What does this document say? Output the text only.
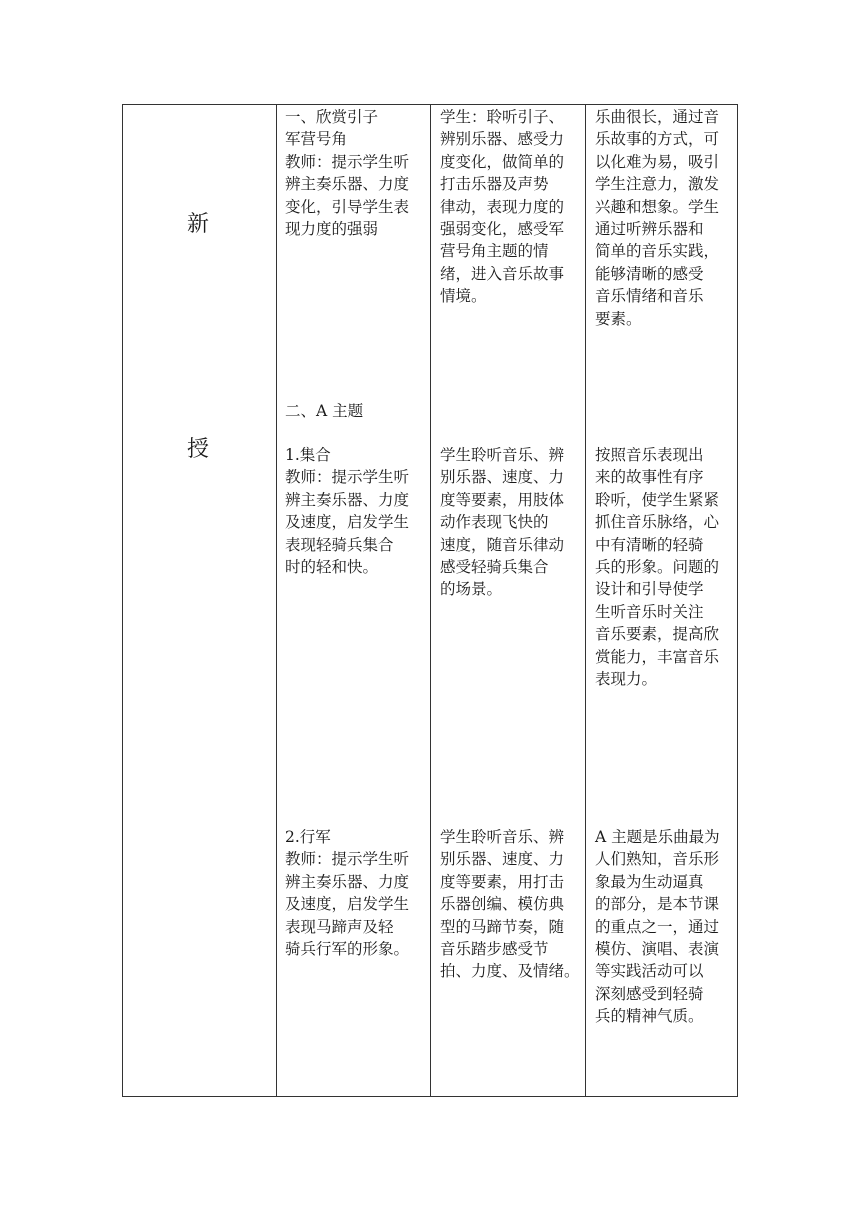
新
授
一、欣赏引子
军营号角
教师：提示学生听
辨主奏乐器、力度
变化，引导学生表
现力度的强弱
学生：聆听引子、
辨别乐器、感受力
度变化，做简单的
打击乐器及声势
律动，表现力度的
强弱变化，感受军
营号角主题的情
绪，进入音乐故事
情境。
乐曲很长，通过音
乐故事的方式，可
以化难为易，吸引
学生注意力，激发
兴趣和想象。学生
通过听辨乐器和
简单的音乐实践，
能够清晰的感受
音乐情绪和音乐
要素。
二、A 主题
1.集合
教师：提示学生听
辨主奏乐器、力度
及速度，启发学生
表现轻骑兵集合
时的轻和快。
学生聆听音乐、辨
别乐器、速度、力
度等要素，用肢体
动作表现飞快的
速度，随音乐律动
感受轻骑兵集合
的场景。
按照音乐表现出
来的故事性有序
聆听，使学生紧紧
抓住音乐脉络，心
中有清晰的轻骑
兵的形象。问题的
设计和引导使学
生听音乐时关注
音乐要素，提高欣
赏能力，丰富音乐
表现力。
2.行军
教师：提示学生听
辨主奏乐器、力度
及速度，启发学生
表现马蹄声及轻
骑兵行军的形象。
学生聆听音乐、辨
别乐器、速度、力
度等要素，用打击
乐器创编、模仿典
型的马蹄节奏，随
音乐踏步感受节
拍、力度、及情绪。
A 主题是乐曲最为
人们熟知，音乐形
象最为生动逼真
的部分，是本节课
的重点之一，通过
模仿、演唱、表演
等实践活动可以
深刻感受到轻骑
兵的精神气质。
